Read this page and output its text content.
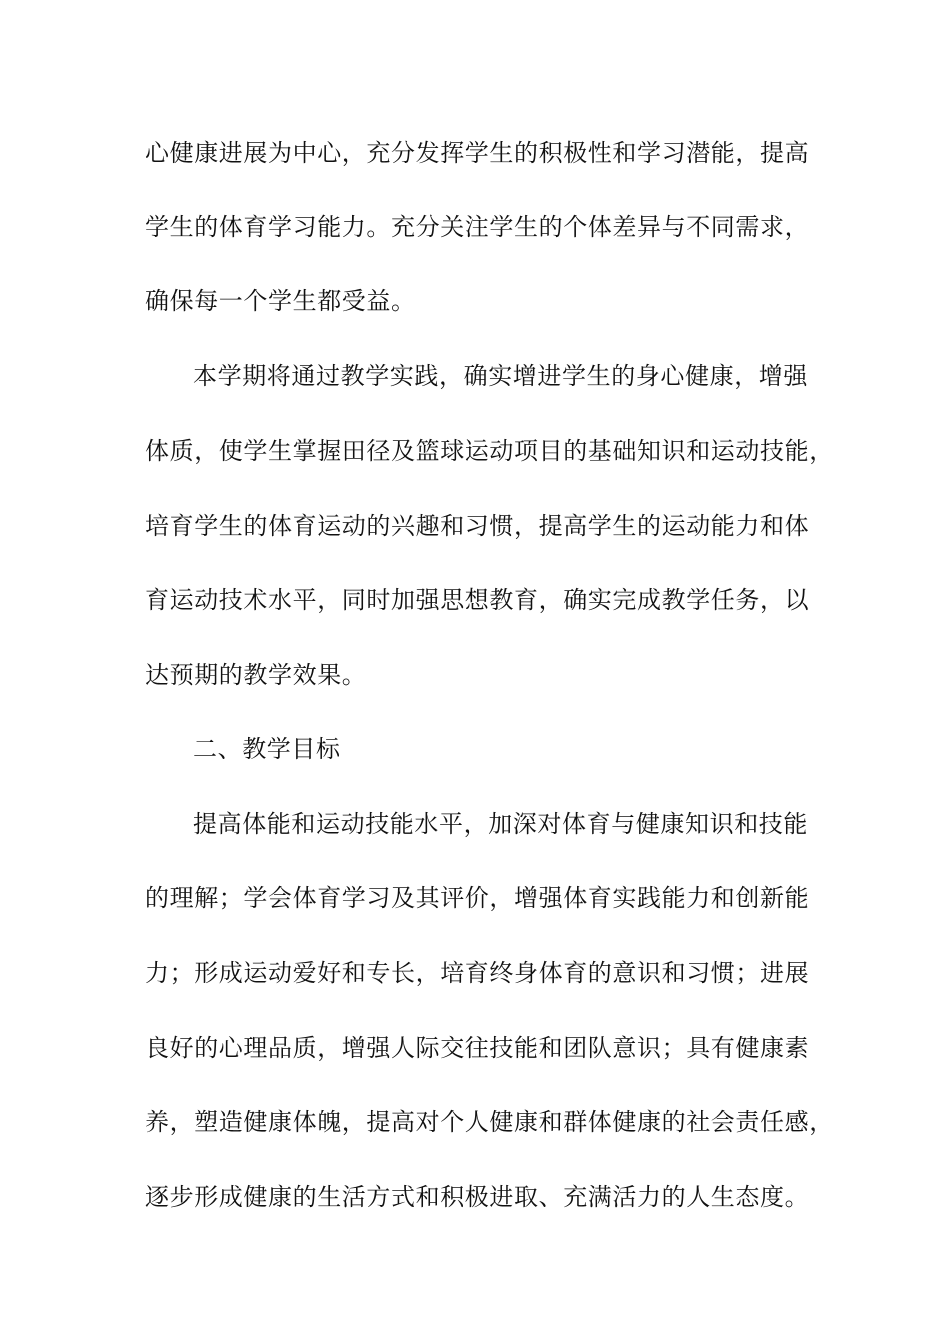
心健康进展为中心，充分发挥学生的积极性和学习潜能，提高
学生的体育学习能力。充分关注学生的个体差异与不同需求，
确保每一个学生都受益。
本学期将通过教学实践，确实增进学生的身心健康，增强
体质，使学生掌握田径及篮球运动项目的基础知识和运动技能，
培育学生的体育运动的兴趣和习惯，提高学生的运动能力和体
育运动技术水平，同时加强思想教育，确实完成教学任务，以
达预期的教学效果。
二、教学目标
提高体能和运动技能水平，加深对体育与健康知识和技能
的理解；学会体育学习及其评价，增强体育实践能力和创新能
力；形成运动爱好和专长，培育终身体育的意识和习惯；进展
良好的心理品质，增强人际交往技能和团队意识；具有健康素
养，塑造健康体魄，提高对个人健康和群体健康的社会责任感，
逐步形成健康的生活方式和积极进取、充满活力的人生态度。
